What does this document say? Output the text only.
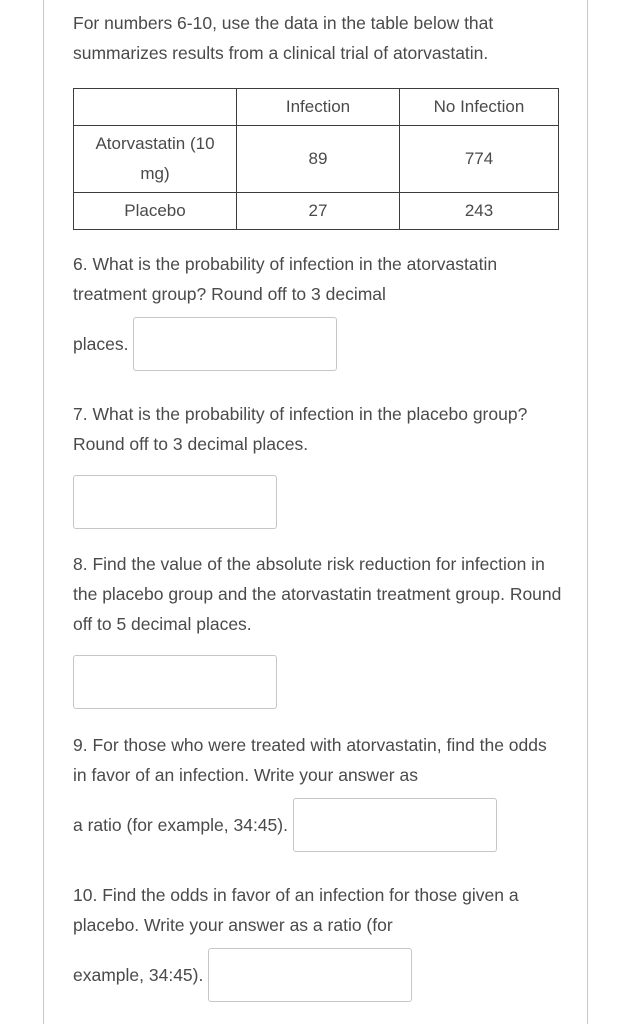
For numbers 6-10, use the data in the table below that summarizes results from a clinical trial of atorvastatin.
	Infection	No Infection
Atorvastatin (10 mg)	89	774
Placebo	27	243
6. What is the probability of infection in the atorvastatin treatment group? Round off to 3 decimal
places.
7. What is the probability of infection in the placebo group? Round off to 3 decimal places.
8. Find the value of the absolute risk reduction for infection in the placebo group and the atorvastatin treatment group. Round off to 5 decimal places.
9. For those who were treated with atorvastatin, find the odds in favor of an infection. Write your answer as
a ratio (for example, 34:45).
10. Find the odds in favor of an infection for those given a placebo. Write your answer as a ratio (for
example, 34:45).
